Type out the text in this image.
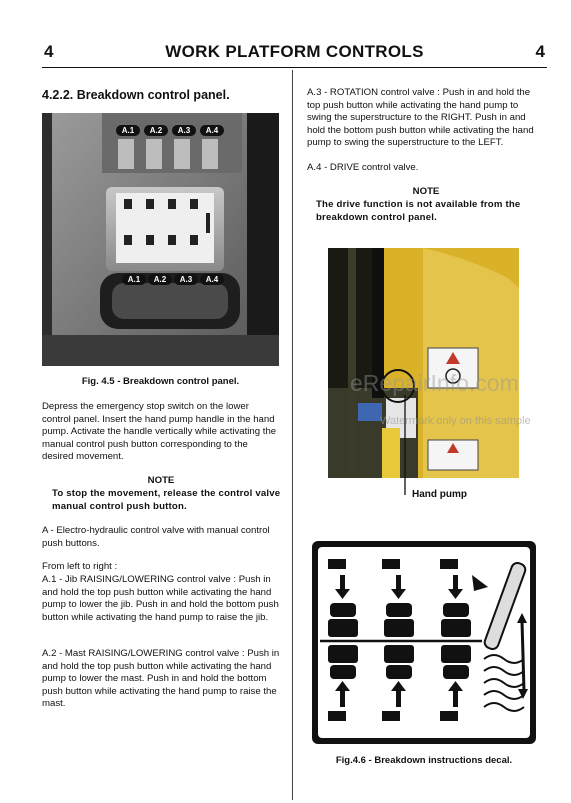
4	WORK PLATFORM CONTROLS	4
4.2.2. Breakdown control panel.
A.1	A.2	A.3	A.4
A.1	A.2	A.3	A.4
Fig. 4.5 - Breakdown control panel.
Depress the emergency stop switch on the lower control panel. Insert the hand pump handle in the hand pump. Activate the handle vertically while activating the manual control push button corresponding to the desired movement.
NOTE
To stop the movement, release the control valve manual control push button.
A - Electro-hydraulic control valve with manual control push buttons.
From left to right :
A.1 - Jib RAISING/LOWERING control valve : Push in and hold the top push button while activating the hand pump to lower the jib. Push in and hold the bottom push button while activating the hand pump to raise the jib.
A.2 - Mast RAISING/LOWERING control valve : Push in and hold the top push button while activating the hand pump to lower the mast. Push in and hold the bottom push button while activating the hand pump to raise the mast.
A.3 - ROTATION control valve : Push in and hold the top push button while activating the hand pump to swing the superstructure to the RIGHT. Push in and hold the bottom push button while activating the hand pump to swing the superstructure to the LEFT.
A.4 - DRIVE control valve.
NOTE
The drive function is not available from the breakdown control panel.
Hand pump
Fig.4.6 - Breakdown instructions decal.
eRepairInfo.com
Watermark only on this sample
